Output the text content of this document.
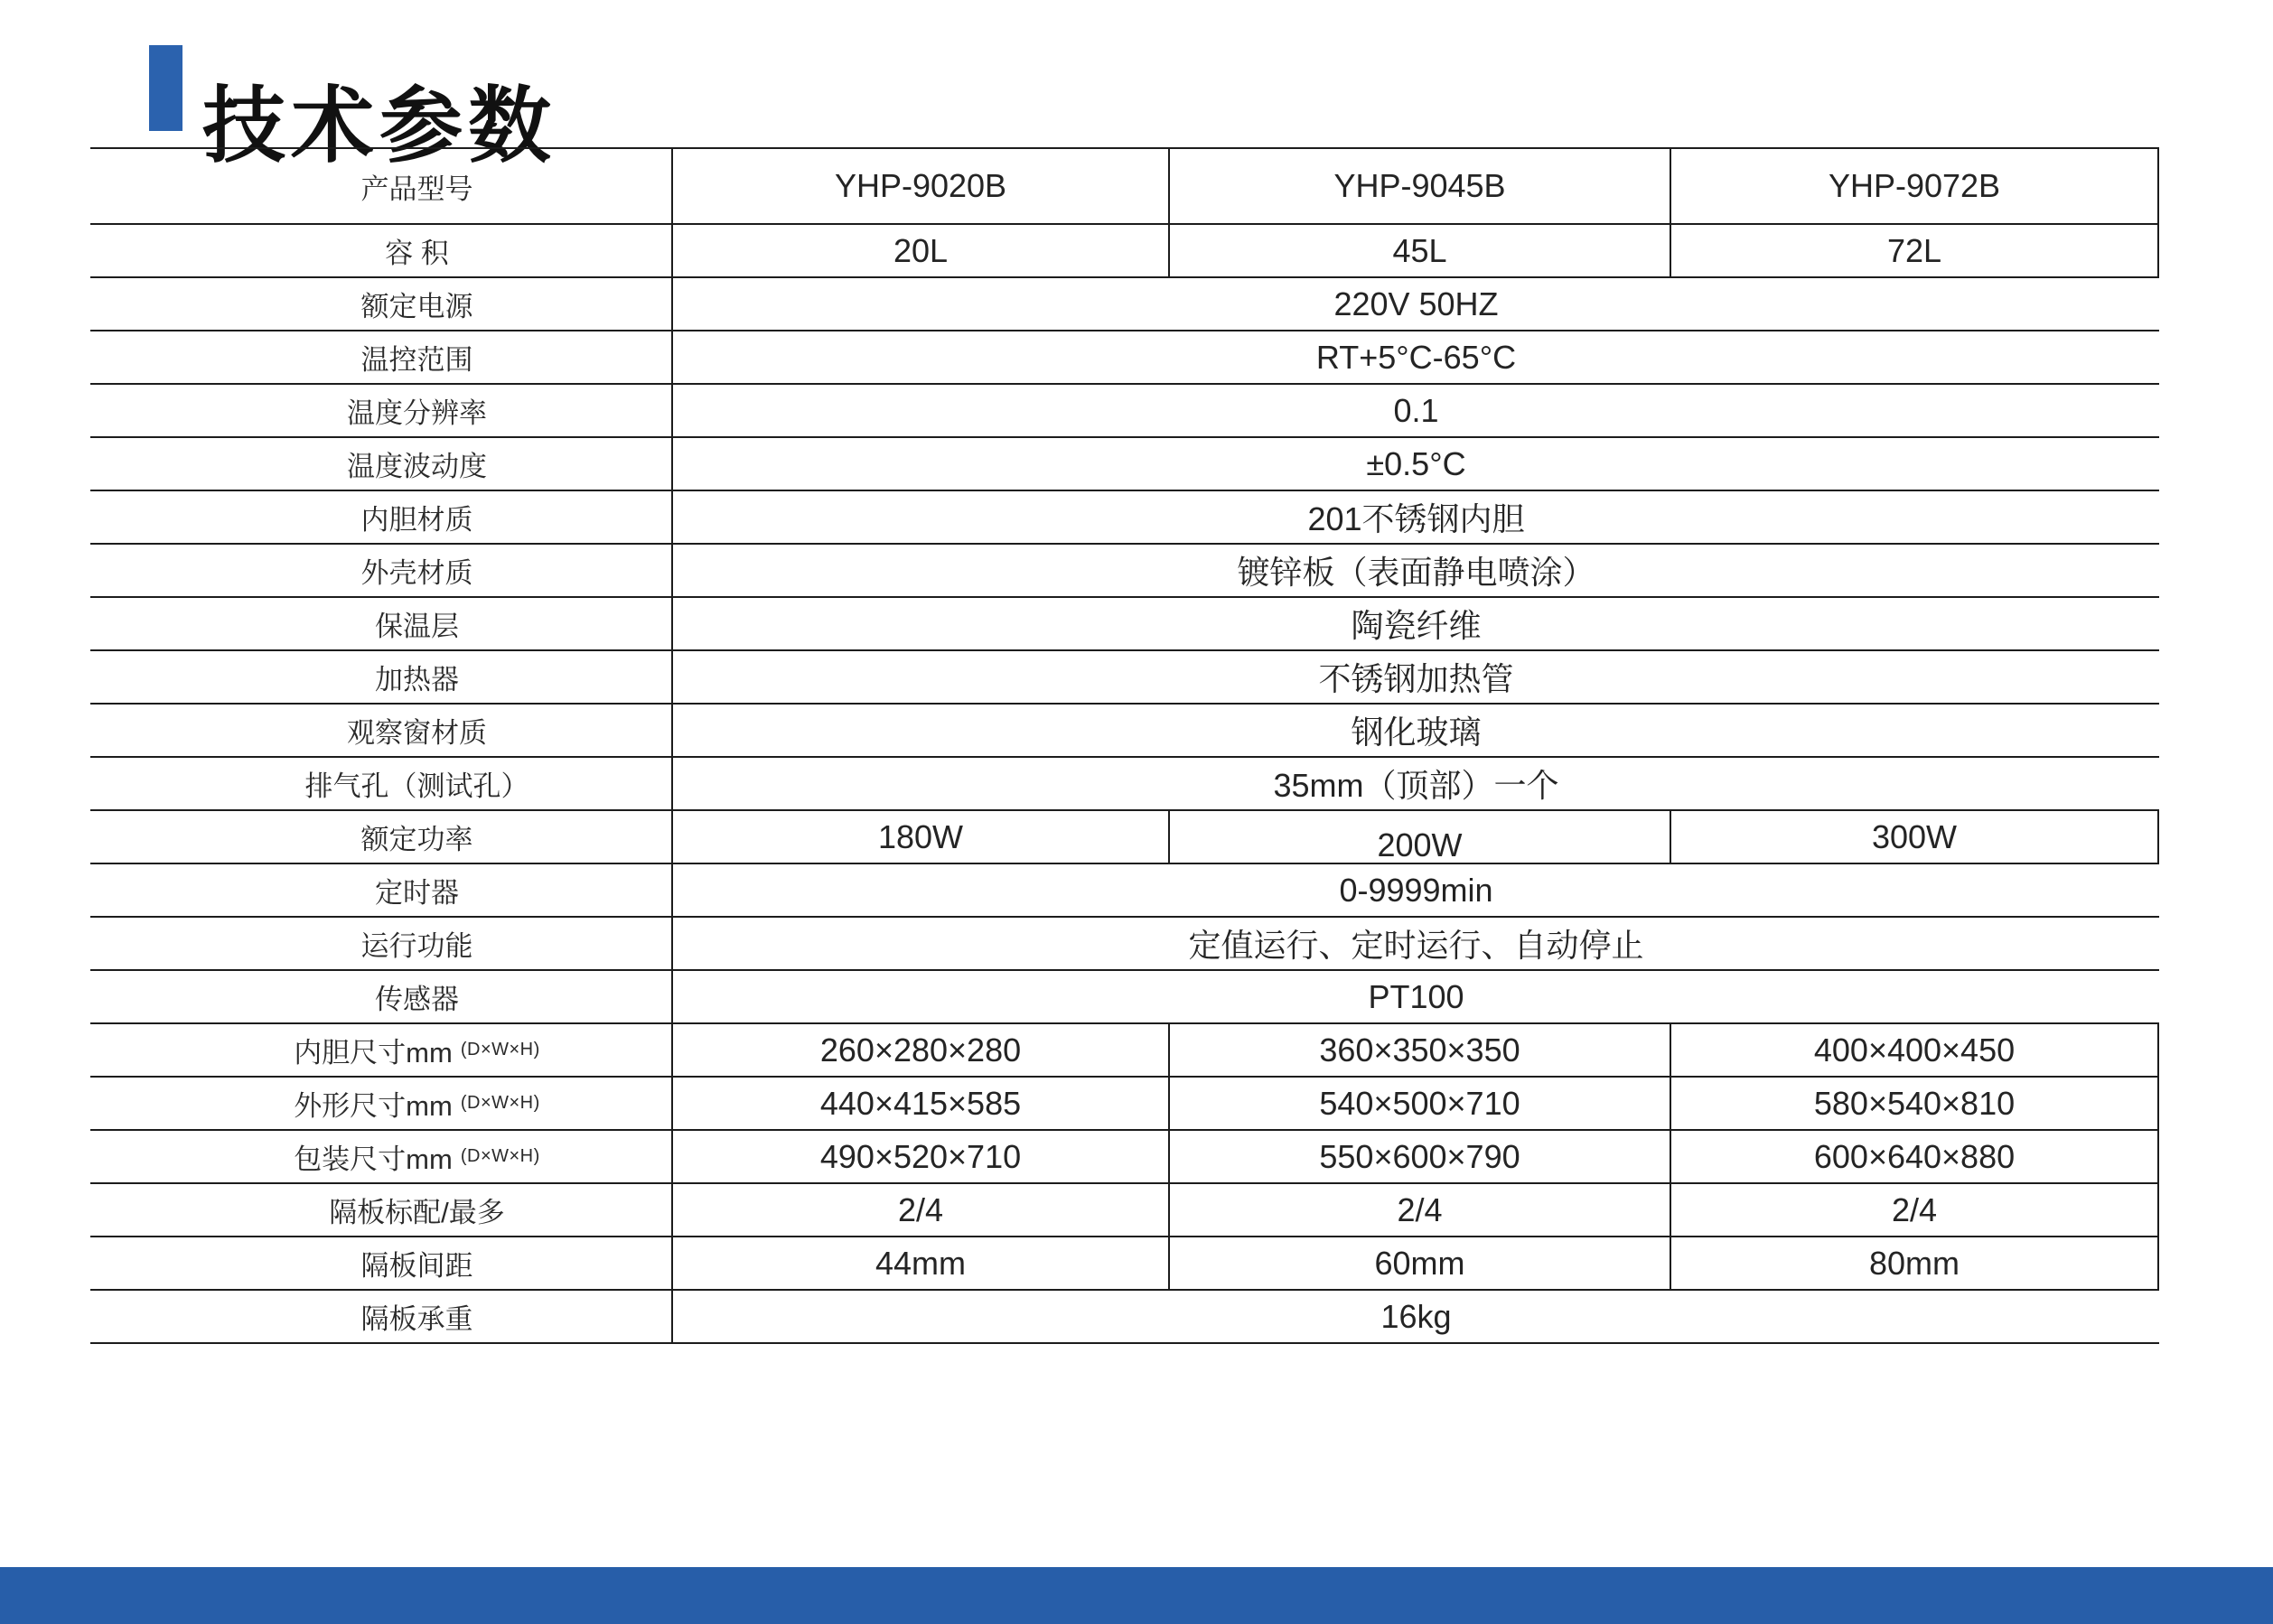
技术参数
产品型号	YHP-9020B	YHP-9045B	YHP-9072B
容 积	20L	45L	72L
额定电源	220V 50HZ
温控范围	RT+5°C-65°C
温度分辨率	0.1
温度波动度	±0.5°C
内胆材质	201不锈钢内胆
外壳材质	镀锌板（表面静电喷涂）
保温层	陶瓷纤维
加热器	不锈钢加热管
观察窗材质	钢化玻璃
排气孔（测试孔）	35mm（顶部）一个
额定功率	180W	200W	300W
定时器	0-9999min
运行功能	定值运行、定时运行、自动停止
传感器	PT100
内胆尺寸mm (D×W×H)	260×280×280	360×350×350	400×400×450
外形尺寸mm (D×W×H)	440×415×585	540×500×710	580×540×810
包装尺寸mm (D×W×H)	490×520×710	550×600×790	600×640×880
隔板标配/最多	2/4	2/4	2/4
隔板间距	44mm	60mm	80mm
隔板承重	16kg
